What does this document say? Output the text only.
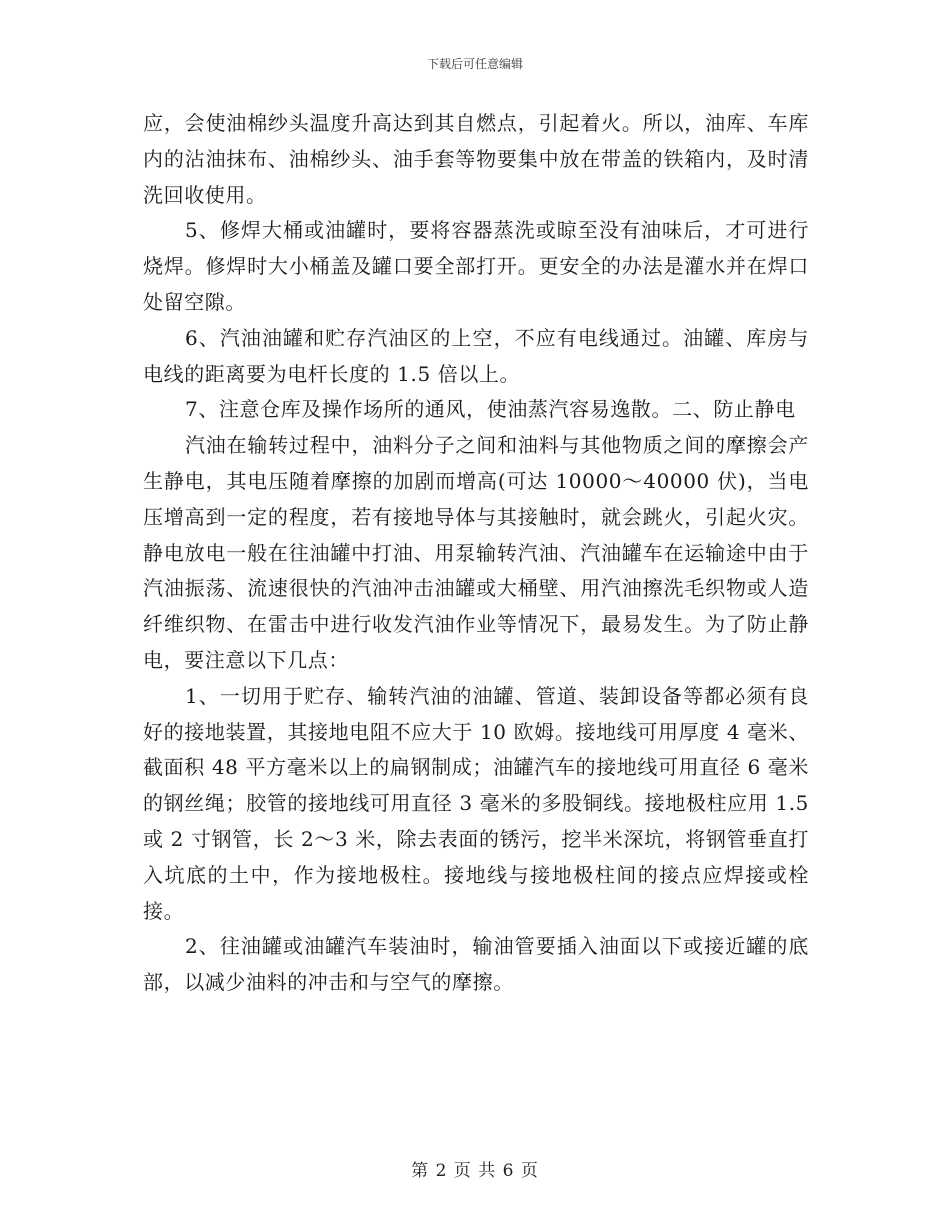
下载后可任意编辑

应，会使油棉纱头温度升高达到其自燃点，引起着火。所以，油库、车库内的沾油抹布、油棉纱头、油手套等物要集中放在带盖的铁箱内，及时清洗回收使用。

5、修焊大桶或油罐时，要将容器蒸洗或晾至没有油味后，才可进行烧焊。修焊时大小桶盖及罐口要全部打开。更安全的办法是灌水并在焊口处留空隙。

6、汽油油罐和贮存汽油区的上空，不应有电线通过。油罐、库房与电线的距离要为电杆长度的 1.5 倍以上。

7、注意仓库及操作场所的通风，使油蒸汽容易逸散。二、防止静电

汽油在输转过程中，油料分子之间和油料与其他物质之间的摩擦会产生静电，其电压随着摩擦的加剧而增高(可达 10000～40000 伏)，当电压增高到一定的程度，若有接地导体与其接触时，就会跳火，引起火灾。静电放电一般在往油罐中打油、用泵输转汽油、汽油罐车在运输途中由于汽油振荡、流速很快的汽油冲击油罐或大桶壁、用汽油擦洗毛织物或人造纤维织物、在雷击中进行收发汽油作业等情况下，最易发生。为了防止静电，要注意以下几点：

1、一切用于贮存、输转汽油的油罐、管道、装卸设备等都必须有良好的接地装置，其接地电阻不应大于 10 欧姆。接地线可用厚度 4 毫米、截面积 48 平方毫米以上的扁钢制成；油罐汽车的接地线可用直径 6 毫米的钢丝绳；胶管的接地线可用直径 3 毫米的多股铜线。接地极柱应用 1.5 或 2 寸钢管，长 2～3 米，除去表面的锈污，挖半米深坑，将钢管垂直打入坑底的土中，作为接地极柱。接地线与接地极柱间的接点应焊接或栓接。

2、往油罐或油罐汽车装油时，输油管要插入油面以下或接近罐的底部，以减少油料的冲击和与空气的摩擦。

第 2 页 共 6 页
